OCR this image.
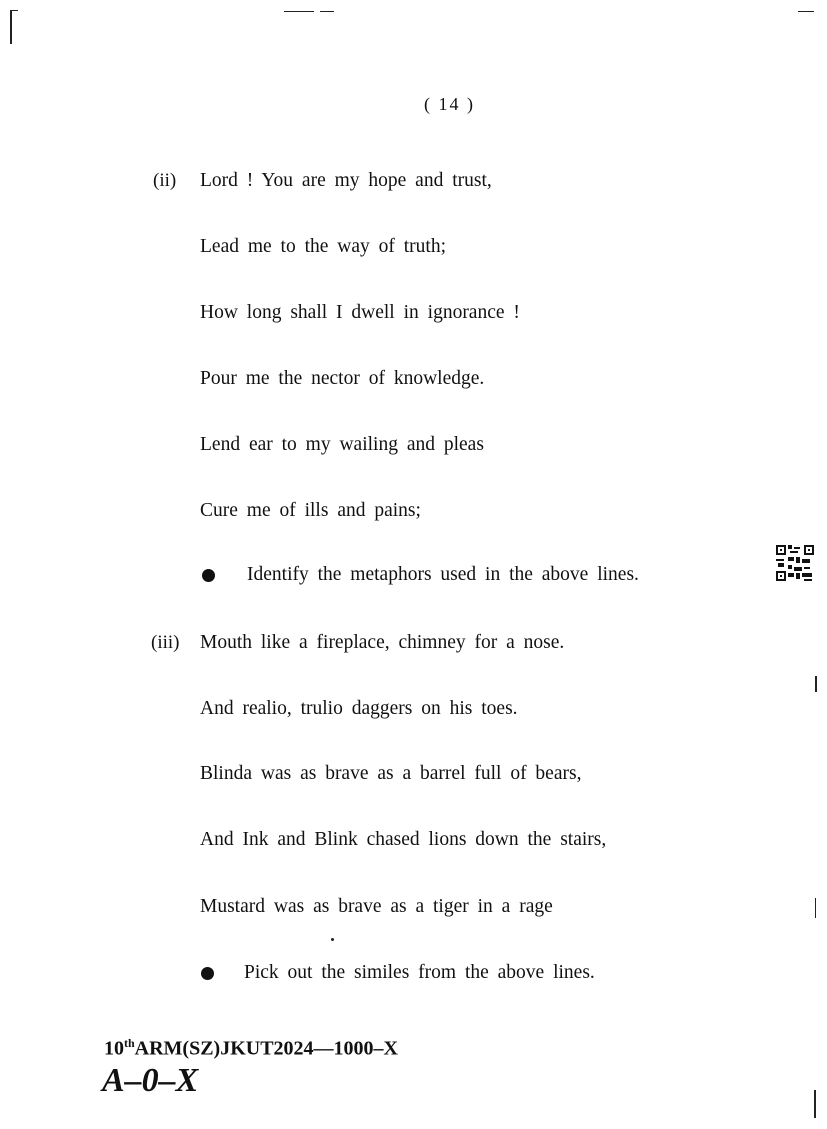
( 14 )
(ii) Lord ! You are my hope and trust,
Lead me to the way of truth;
How long shall I dwell in ignorance !
Pour me the nector of knowledge.
Lend ear to my wailing and pleas
Cure me of ills and pains;
Identify the metaphors used in the above lines.
(iii) Mouth like a fireplace, chimney for a nose.
And realio, trulio daggers on his toes.
Blinda was as brave as a barrel full of bears,
And Ink and Blink chased lions down the stairs,
Mustard was as brave as a tiger in a rage
Pick out the similes from the above lines.
10thARM(SZ)JKUT2024—1000–X
A–0–X
